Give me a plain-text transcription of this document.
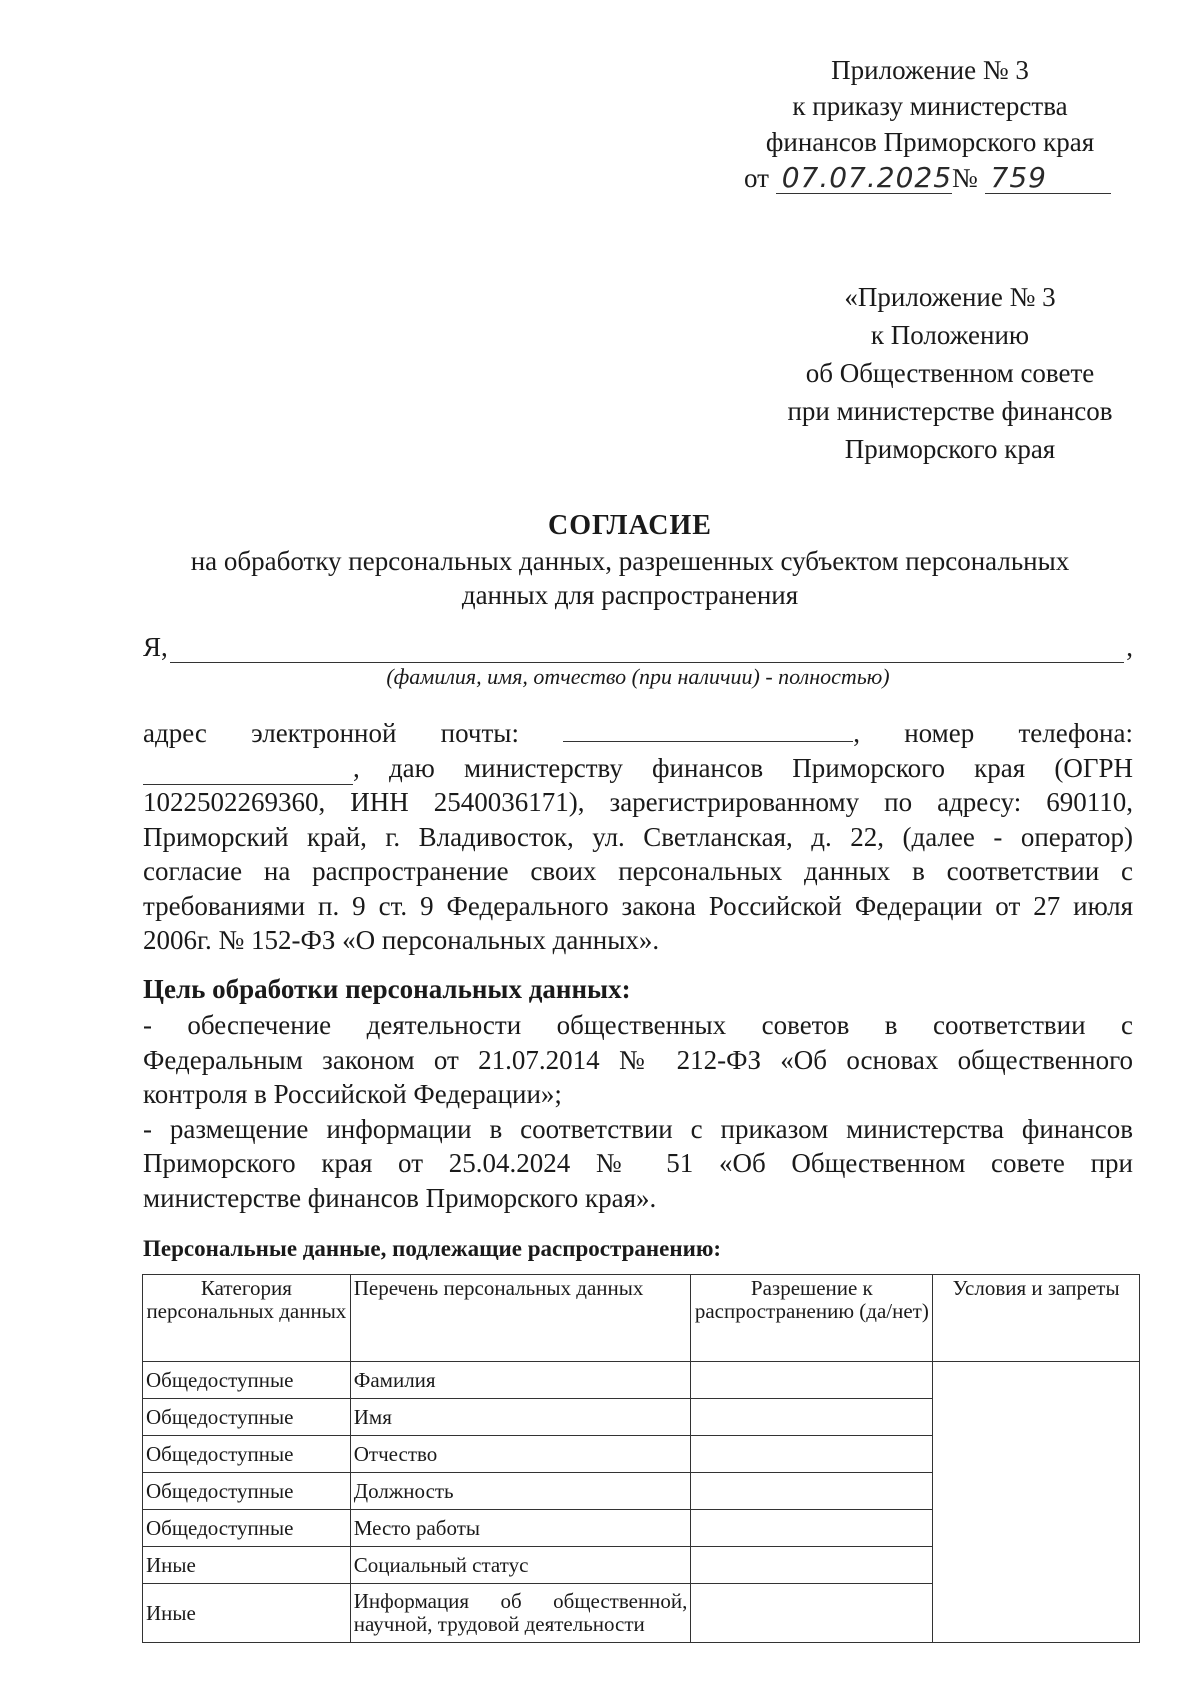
Приложение № 3
к приказу министерства
финансов Приморского края
от 07.07.2025№ 759
«Приложение № 3
к Положению
об Общественном совете
при министерстве финансов
Приморского края
СОГЛАСИЕ
на обработку персональных данных, разрешенных субъектом персональных
данных для распространения
Я,	,
(фамилия, имя, отчество (при наличии) - полностью)
адрес электронной почты:	, номер телефона:
, даю министерству финансов Приморского края (ОГРН
1022502269360, ИНН 2540036171), зарегистрированному по адресу: 690110,
Приморский край, г. Владивосток, ул. Светланская, д. 22, (далее - оператор)
согласие на распространение своих персональных данных в соответствии с
требованиями п. 9 ст. 9 Федерального закона Российской Федерации от 27 июля
2006г. № 152-ФЗ «О персональных данных».
Цель обработки персональных данных:
- обеспечение деятельности общественных советов в соответствии с
Федеральным законом от 21.07.2014 № 212-ФЗ «Об основах общественного
контроля в Российской Федерации»;
- размещение информации в соответствии с приказом министерства финансов
Приморского края от 25.04.2024 № 51 «Об Общественном совете при
министерстве финансов Приморского края».
Персональные данные, подлежащие распространению:
Категория персональных данных	Перечень персональных данных	Разрешение к распространению (да/нет)	Условия и запреты
Общедоступные	Фамилия		
Общедоступные	Имя		
Общедоступные	Отчество		
Общедоступные	Должность		
Общедоступные	Место работы		
Иные	Социальный статус		
Иные	Информация об общественной, научной, трудовой деятельности		
